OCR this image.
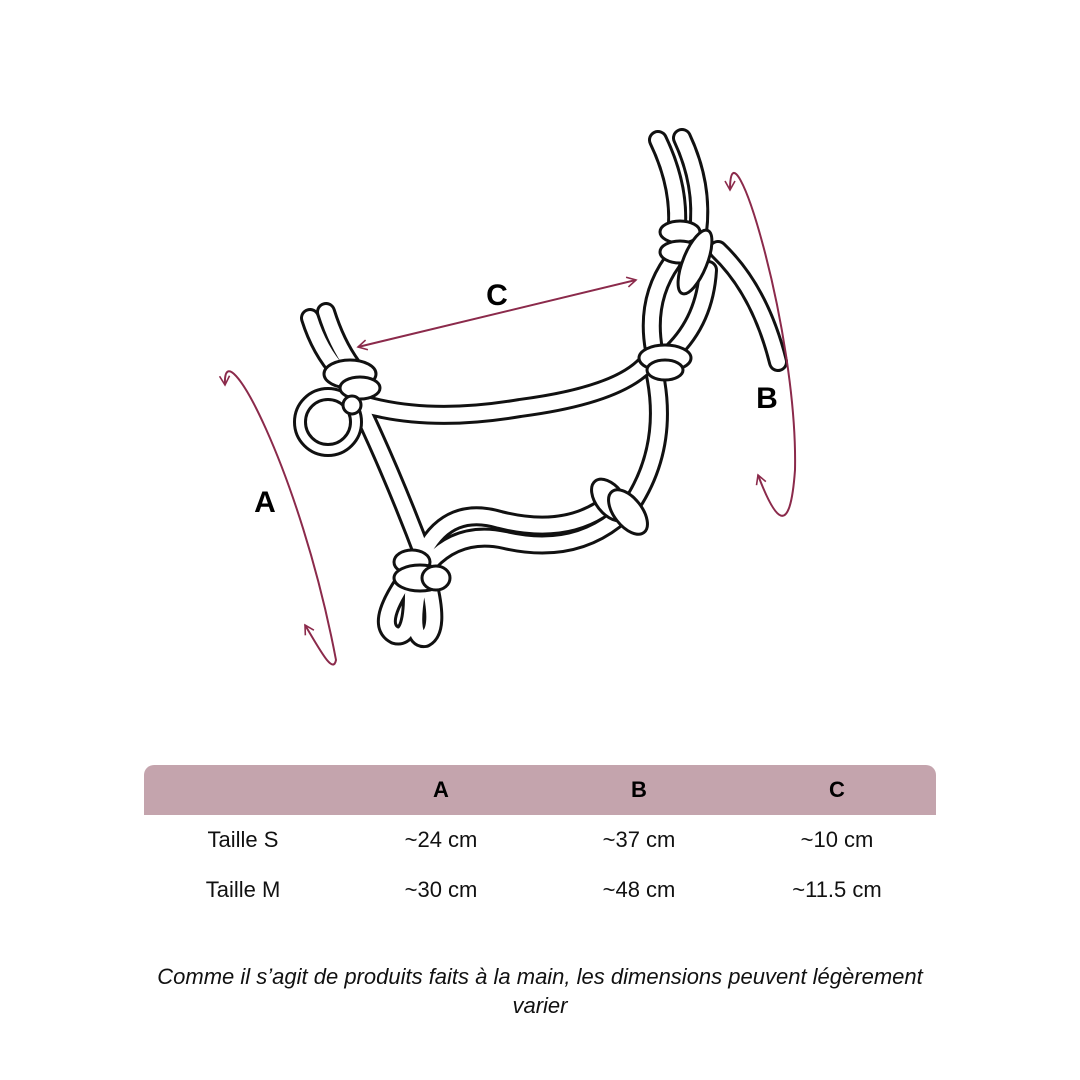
A
B
C
	A	B	C
Taille S	~24 cm	~37 cm	~10 cm
Taille M	~30 cm	~48 cm	~11.5 cm

Comme il s’agit de produits faits à la main, les dimensions peuvent légèrement varier
